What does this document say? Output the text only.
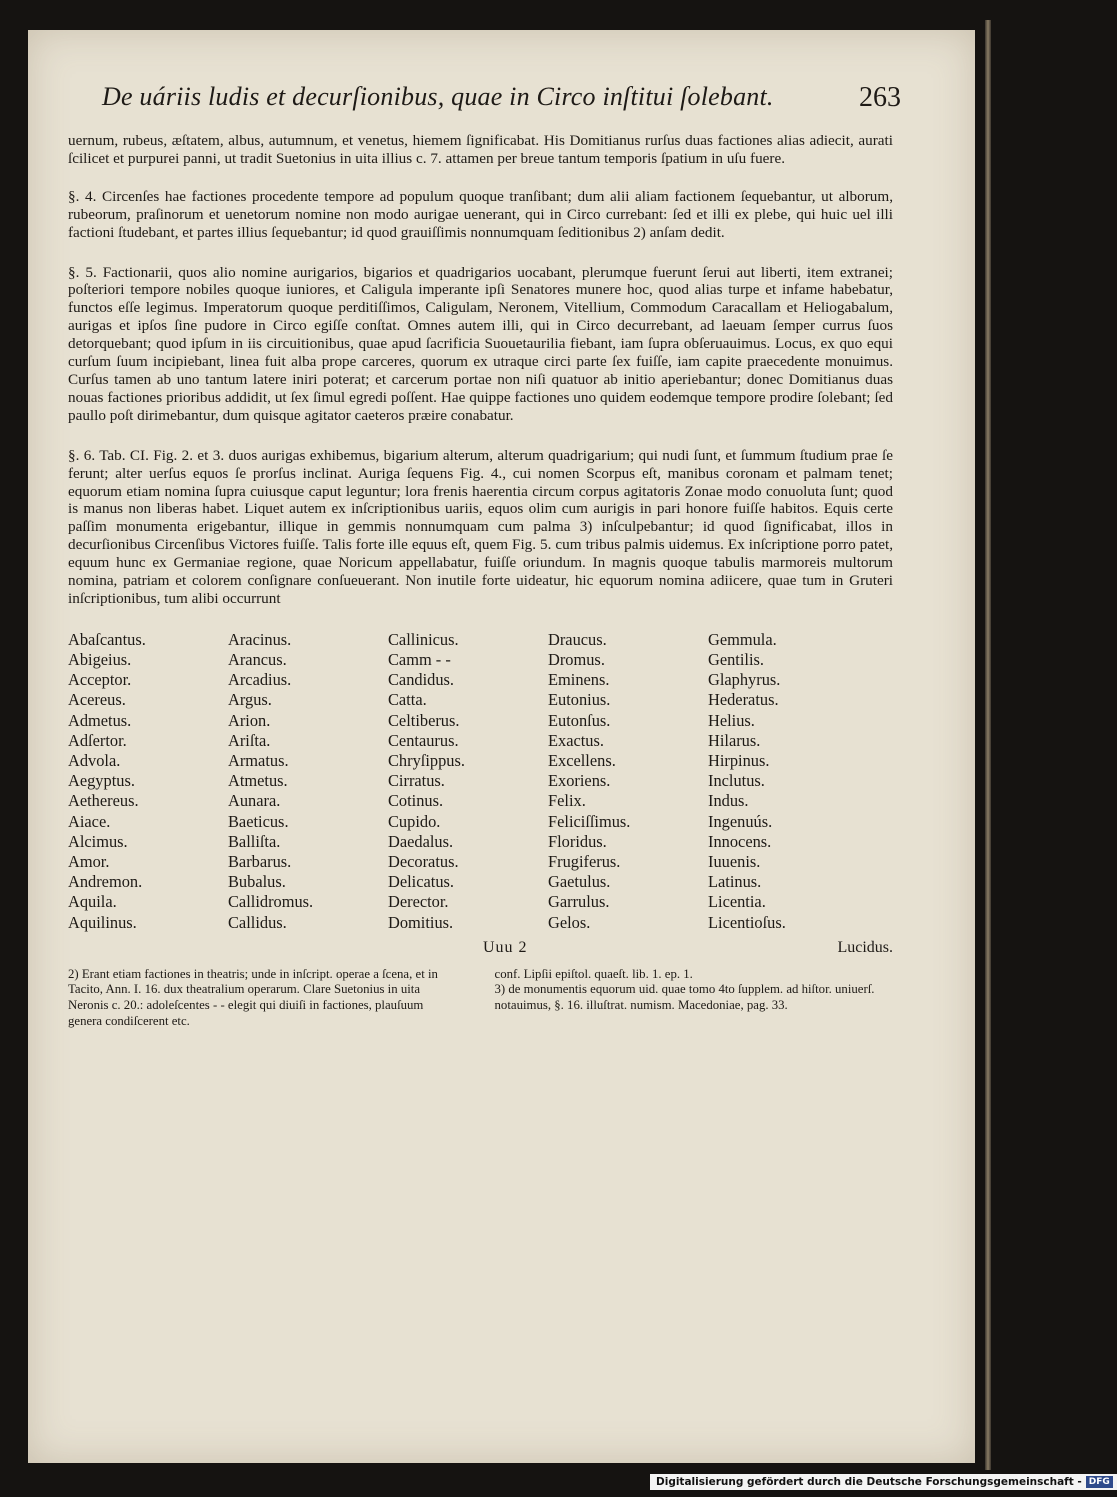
De uáriis ludis et decurſionibus, quae in Circo inſtitui ſolebant.	263

uernum, rubeus, æſtatem, albus, autumnum, et venetus, hiemem ſignificabat. His Domitianus rurſus duas factiones alias adiecit, aurati ſcilicet et purpurei panni, ut tradit Suetonius in uita illius c. 7. attamen per breue tantum temporis ſpatium in uſu fuere.

§. 4. Circenſes hae factiones procedente tempore ad populum quoque tranſibant; dum alii aliam factionem ſequebantur, ut alborum, rubeorum, praſinorum et uenetorum nomine non modo aurigae uenerant, qui in Circo currebant: ſed et illi ex plebe, qui huic uel illi factioni ſtudebant, et partes illius ſequebantur; id quod grauiſſimis nonnumquam ſeditionibus 2) anſam dedit.

§. 5. Factionarii, quos alio nomine aurigarios, bigarios et quadrigarios uocabant, plerumque fuerunt ſerui aut liberti, item extranei; poſteriori tempore nobiles quoque iuniores, et Caligula imperante ipſi Senatores munere hoc, quod alias turpe et infame habebatur, functos eſſe legimus. Imperatorum quoque perditiſſimos, Caligulam, Neronem, Vitellium, Commodum Caracallam et Heliogabalum, aurigas et ipſos ſine pudore in Circo egiſſe conſtat. Omnes autem illi, qui in Circo decurrebant, ad laeuam ſemper currus ſuos detorquebant; quod ipſum in iis circuitionibus, quae apud ſacrificia Suouetaurilia fiebant, iam ſupra obſeruauimus. Locus, ex quo equi curſum ſuum incipiebant, linea fuit alba prope carceres, quorum ex utraque circi parte ſex fuiſſe, iam capite praecedente monuimus. Curſus tamen ab uno tantum latere iniri poterat; et carcerum portae non niſi quatuor ab initio aperiebantur; donec Domitianus duas nouas factiones prioribus addidit, ut ſex ſimul egredi poſſent. Hae quippe factiones uno quidem eodemque tempore prodire ſolebant; ſed paullo poſt dirimebantur, dum quisque agitator caeteros præire conabatur.

§. 6. Tab. CI. Fig. 2. et 3. duos aurigas exhibemus, bigarium alterum, alterum quadrigarium; qui nudi ſunt, et ſummum ſtudium prae ſe ferunt; alter uerſus equos ſe prorſus inclinat. Auriga ſequens Fig. 4., cui nomen Scorpus eſt, manibus coronam et palmam tenet; equorum etiam nomina ſupra cuiusque caput leguntur; lora frenis haerentia circum corpus agitatoris Zonae modo conuoluta ſunt; quod is manus non liberas habet. Liquet autem ex inſcriptionibus uariis, equos olim cum aurigis in pari honore fuiſſe habitos. Equis certe paſſim monumenta erigebantur, illique in gemmis nonnumquam cum palma 3) inſculpebantur; id quod ſignificabat, illos in decurſionibus Circenſibus Victores fuiſſe. Talis forte ille equus eſt, quem Fig. 5. cum tribus palmis uidemus. Ex inſcriptione porro patet, equum hunc ex Germaniae regione, quae Noricum appellabatur, fuiſſe oriundum. In magnis quoque tabulis marmoreis multorum nomina, patriam et colorem conſignare conſueuerant. Non inutile forte uideatur, hic equorum nomina adiicere, quae tum in Gruteri inſcriptionibus, tum alibi occurrunt

Abaſcantus.
Abigeius.
Acceptor.
Acereus.
Admetus.
Adſertor.
Advola.
Aegyptus.
Aethereus.
Aiace.
Alcimus.
Amor.
Andremon.
Aquila.
Aquilinus.
Aracinus.
Arancus.
Arcadius.
Argus.
Arion.
Ariſta.
Armatus.
Atmetus.
Aunara.
Baeticus.
Balliſta.
Barbarus.
Bubalus.
Callidromus.
Callidus.
Callinicus.
Camm - -
Candidus.
Catta.
Celtiberus.
Centaurus.
Chryſippus.
Cirratus.
Cotinus.
Cupido.
Daedalus.
Decoratus.
Delicatus.
Derector.
Domitius.
Draucus.
Dromus.
Eminens.
Eutonius.
Eutonſus.
Exactus.
Excellens.
Exoriens.
Felix.
Feliciſſimus.
Floridus.
Frugiferus.
Gaetulus.
Garrulus.
Gelos.
Gemmula.
Gentilis.
Glaphyrus.
Hederatus.
Helius.
Hilarus.
Hirpinus.
Inclutus.
Indus.
Ingenuús.
Innocens.
Iuuenis.
Latinus.
Licentia.
Licentioſus.
Uuu 2	Lucidus.

2) Erant etiam factiones in theatris; unde in inſcript. operae a ſcena, et in Tacito, Ann. I. 16. dux theatralium operarum. Clare Suetonius in uita Neronis c. 20.: adoleſcentes - - elegit qui diuiſi in factiones, plauſuum genera condiſcerent etc.

conf. Lipſii epiſtol. quaeſt. lib. 1. ep. 1.

3) de monumentis equorum uid. quae tomo 4to ſupplem. ad hiſtor. uniuerſ. notauimus, §. 16. illuſtrat. numism. Macedoniae, pag. 33.

Digitalisierung gefördert durch die Deutsche Forschungsgemeinschaft - DFG
